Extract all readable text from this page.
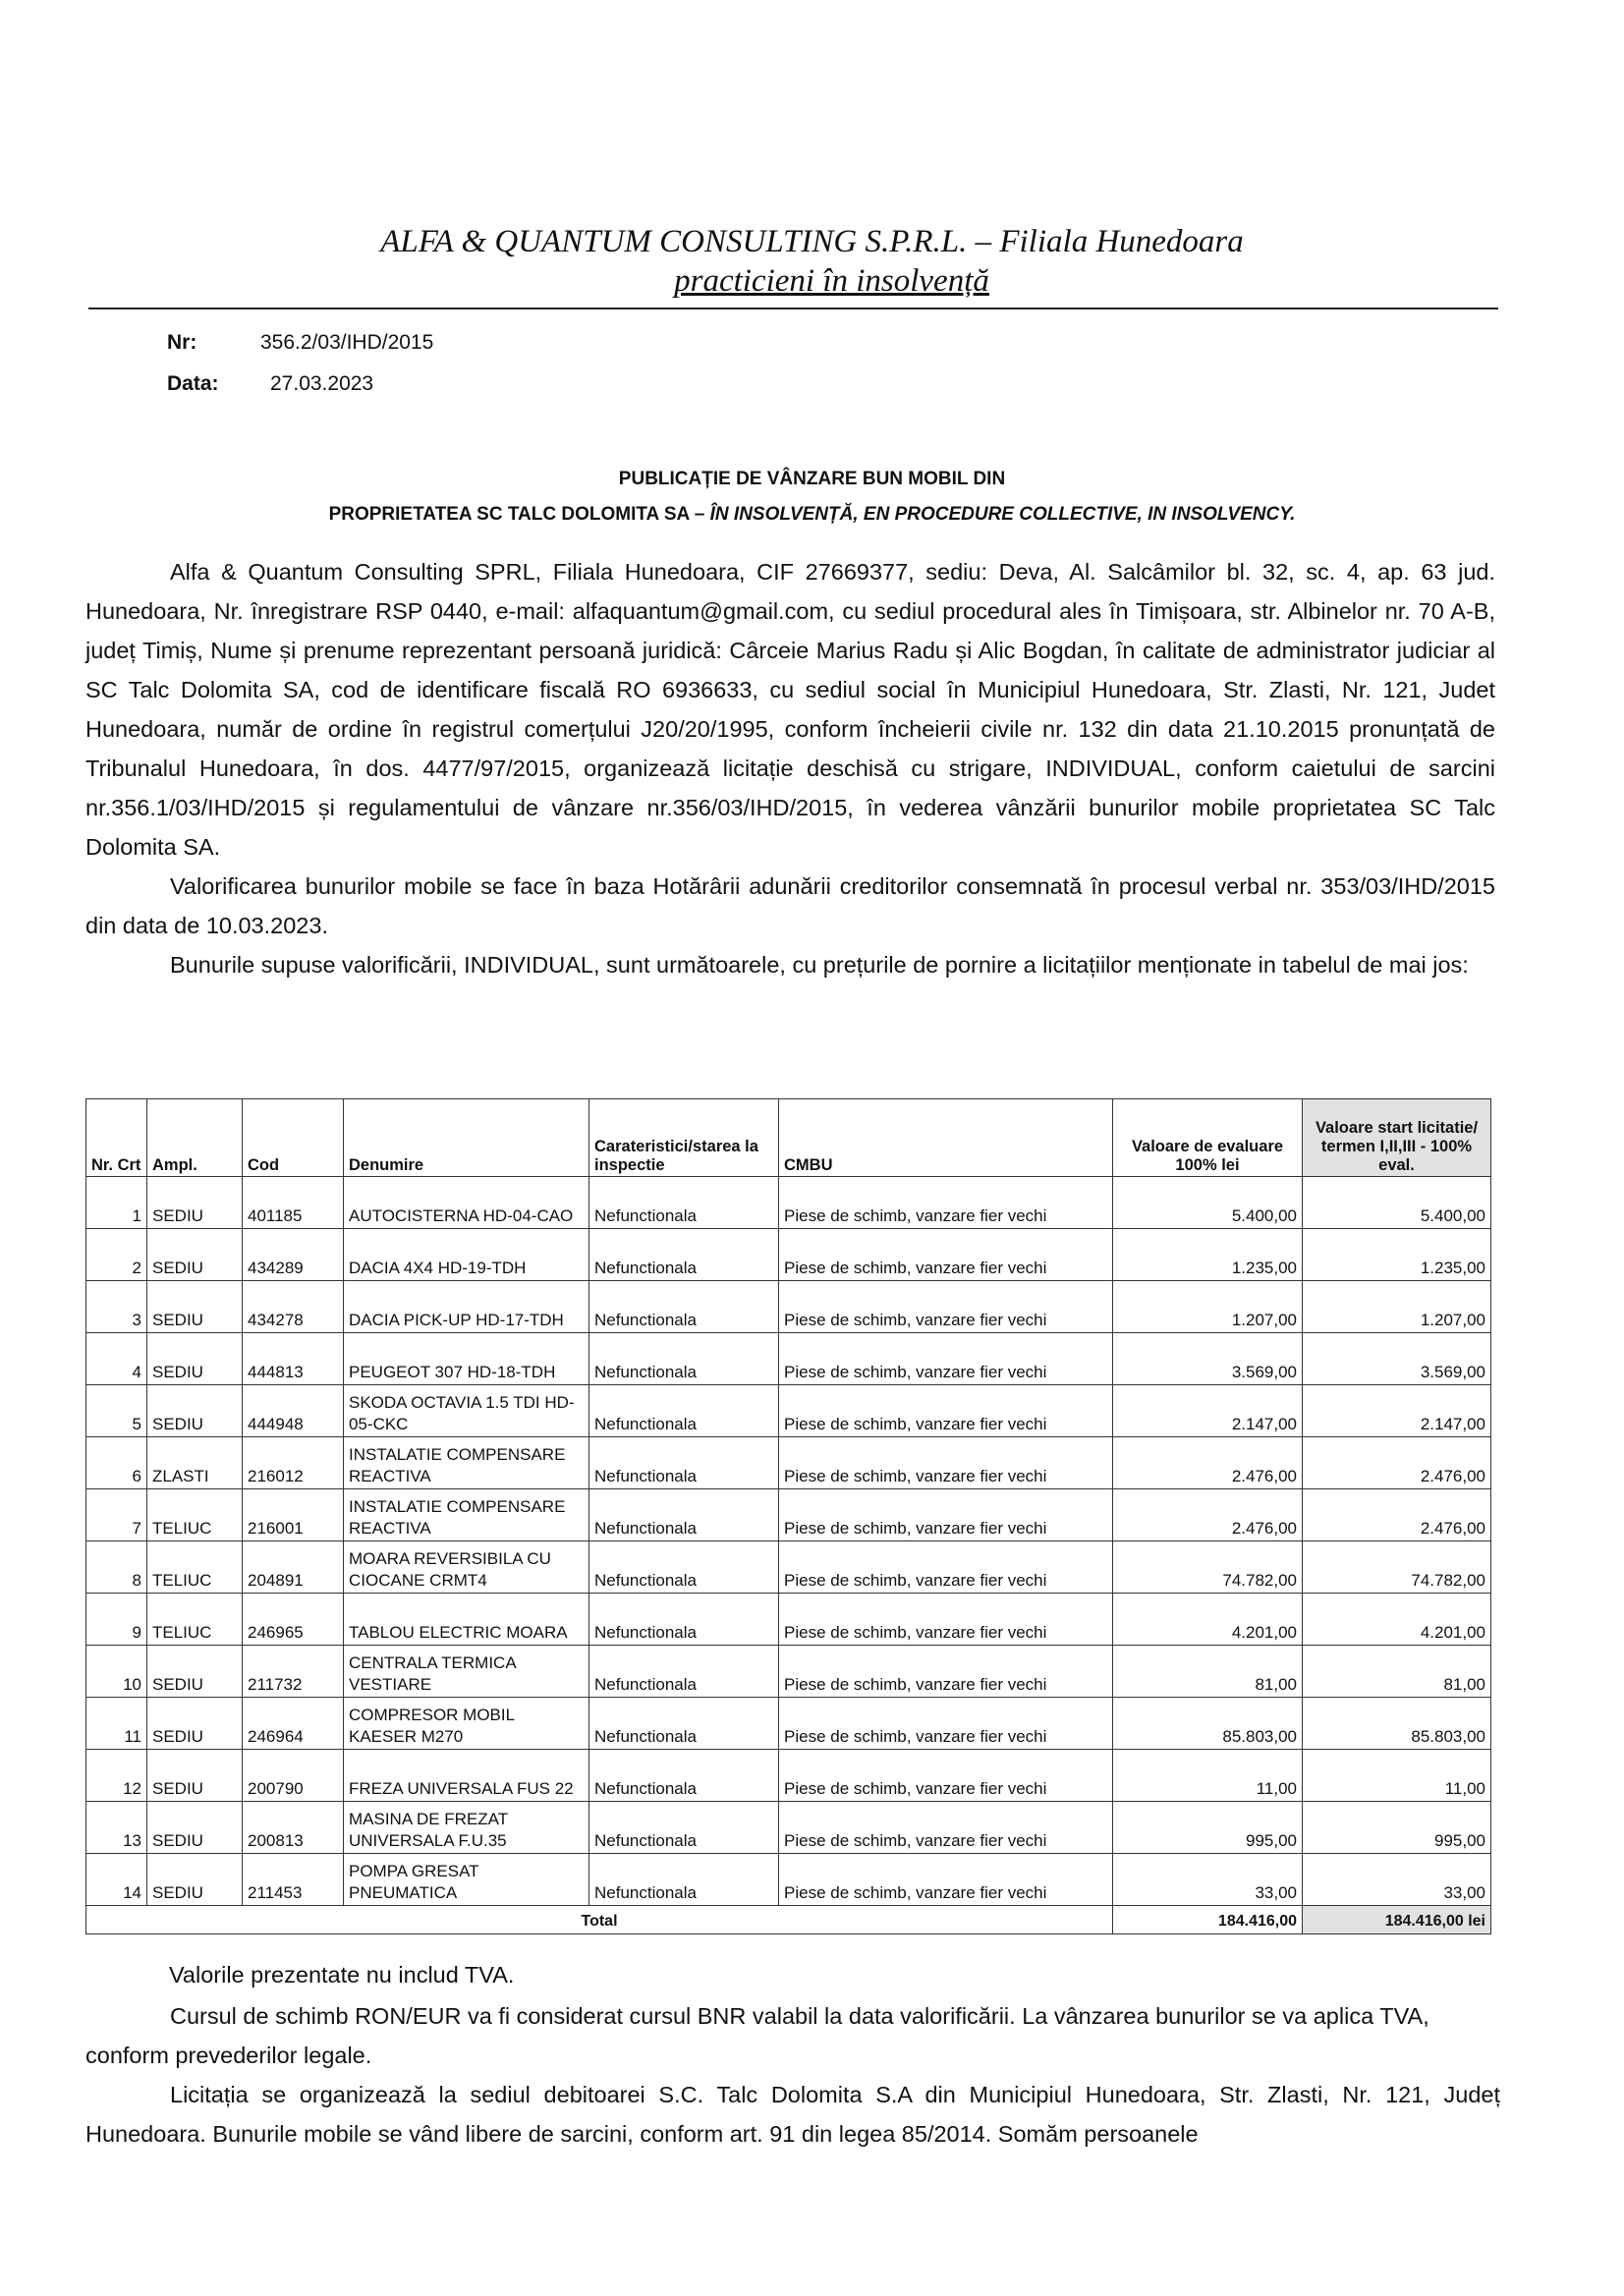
ALFA & QUANTUM CONSULTING S.P.R.L. – Filiala Hunedoara
practicieni în insolvență
Nr:	356.2/03/IHD/2015
Data: 27.03.2023
PUBLICAȚIE DE VÂNZARE BUN MOBIL DIN
PROPRIETATEA SC TALC DOLOMITA SA – ÎN INSOLVENȚĂ, EN PROCEDURE COLLECTIVE, IN INSOLVENCY.
Alfa & Quantum Consulting SPRL, Filiala Hunedoara, CIF 27669377, sediu: Deva, Al. Salcâmilor bl. 32, sc. 4, ap. 63 jud. Hunedoara, Nr. înregistrare RSP 0440, e-mail: alfaquantum@gmail.com, cu sediul procedural ales în Timișoara, str. Albinelor nr. 70 A-B, județ Timiș, Nume și prenume reprezentant persoană juridică: Cârceie Marius Radu și Alic Bogdan, în calitate de administrator judiciar al SC Talc Dolomita SA, cod de identificare fiscală RO 6936633, cu sediul social în Municipiul Hunedoara, Str. Zlasti, Nr. 121, Judet Hunedoara, număr de ordine în registrul comerțului J20/20/1995, conform încheierii civile nr. 132 din data 21.10.2015 pronunțată de Tribunalul Hunedoara, în dos. 4477/97/2015, organizează licitație deschisă cu strigare, INDIVIDUAL, conform caietului de sarcini nr.356.1/03/IHD/2015 și regulamentului de vânzare nr.356/03/IHD/2015, în vederea vânzării bunurilor mobile proprietatea SC Talc Dolomita SA.
Valorificarea bunurilor mobile se face în baza Hotărârii adunării creditorilor consemnată în procesul verbal nr. 353/03/IHD/2015 din data de 10.03.2023.
Bunurile supuse valorificării, INDIVIDUAL, sunt următoarele, cu prețurile de pornire a licitațiilor menționate in tabelul de mai jos:
Nr. Crt	Ampl.	Cod	Denumire	Carateristici/starea la inspectie	CMBU	Valoare de evaluare 100% lei	Valoare start licitatie/ termen I,II,III - 100% eval.
1	SEDIU	401185	AUTOCISTERNA HD-04-CAO	Nefunctionala	Piese de schimb, vanzare fier vechi	5.400,00	5.400,00
2	SEDIU	434289	DACIA 4X4 HD-19-TDH	Nefunctionala	Piese de schimb, vanzare fier vechi	1.235,00	1.235,00
3	SEDIU	434278	DACIA PICK-UP HD-17-TDH	Nefunctionala	Piese de schimb, vanzare fier vechi	1.207,00	1.207,00
4	SEDIU	444813	PEUGEOT 307 HD-18-TDH	Nefunctionala	Piese de schimb, vanzare fier vechi	3.569,00	3.569,00
5	SEDIU	444948	SKODA OCTAVIA 1.5 TDI HD-05-CKC	Nefunctionala	Piese de schimb, vanzare fier vechi	2.147,00	2.147,00
6	ZLASTI	216012	INSTALATIE COMPENSARE REACTIVA	Nefunctionala	Piese de schimb, vanzare fier vechi	2.476,00	2.476,00
7	TELIUC	216001	INSTALATIE COMPENSARE REACTIVA	Nefunctionala	Piese de schimb, vanzare fier vechi	2.476,00	2.476,00
8	TELIUC	204891	MOARA REVERSIBILA CU CIOCANE CRMT4	Nefunctionala	Piese de schimb, vanzare fier vechi	74.782,00	74.782,00
9	TELIUC	246965	TABLOU ELECTRIC MOARA	Nefunctionala	Piese de schimb, vanzare fier vechi	4.201,00	4.201,00
10	SEDIU	211732	CENTRALA TERMICA VESTIARE	Nefunctionala	Piese de schimb, vanzare fier vechi	81,00	81,00
11	SEDIU	246964	COMPRESOR MOBIL KAESER M270	Nefunctionala	Piese de schimb, vanzare fier vechi	85.803,00	85.803,00
12	SEDIU	200790	FREZA UNIVERSALA FUS 22	Nefunctionala	Piese de schimb, vanzare fier vechi	11,00	11,00
13	SEDIU	200813	MASINA DE FREZAT UNIVERSALA F.U.35	Nefunctionala	Piese de schimb, vanzare fier vechi	995,00	995,00
14	SEDIU	211453	POMPA GRESAT PNEUMATICA	Nefunctionala	Piese de schimb, vanzare fier vechi	33,00	33,00
Total						184.416,00	184.416,00 lei
Valorile prezentate nu includ TVA.
Cursul de schimb RON/EUR va fi considerat cursul BNR valabil la data valorificării. La vânzarea bunurilor se va aplica TVA, conform prevederilor legale.
Licitația se organizează la sediul debitoarei S.C. Talc Dolomita S.A din Municipiul Hunedoara, Str. Zlasti, Nr. 121, Județ Hunedoara. Bunurile mobile se vând libere de sarcini, conform art. 91 din legea 85/2014. Somăm persoanele
